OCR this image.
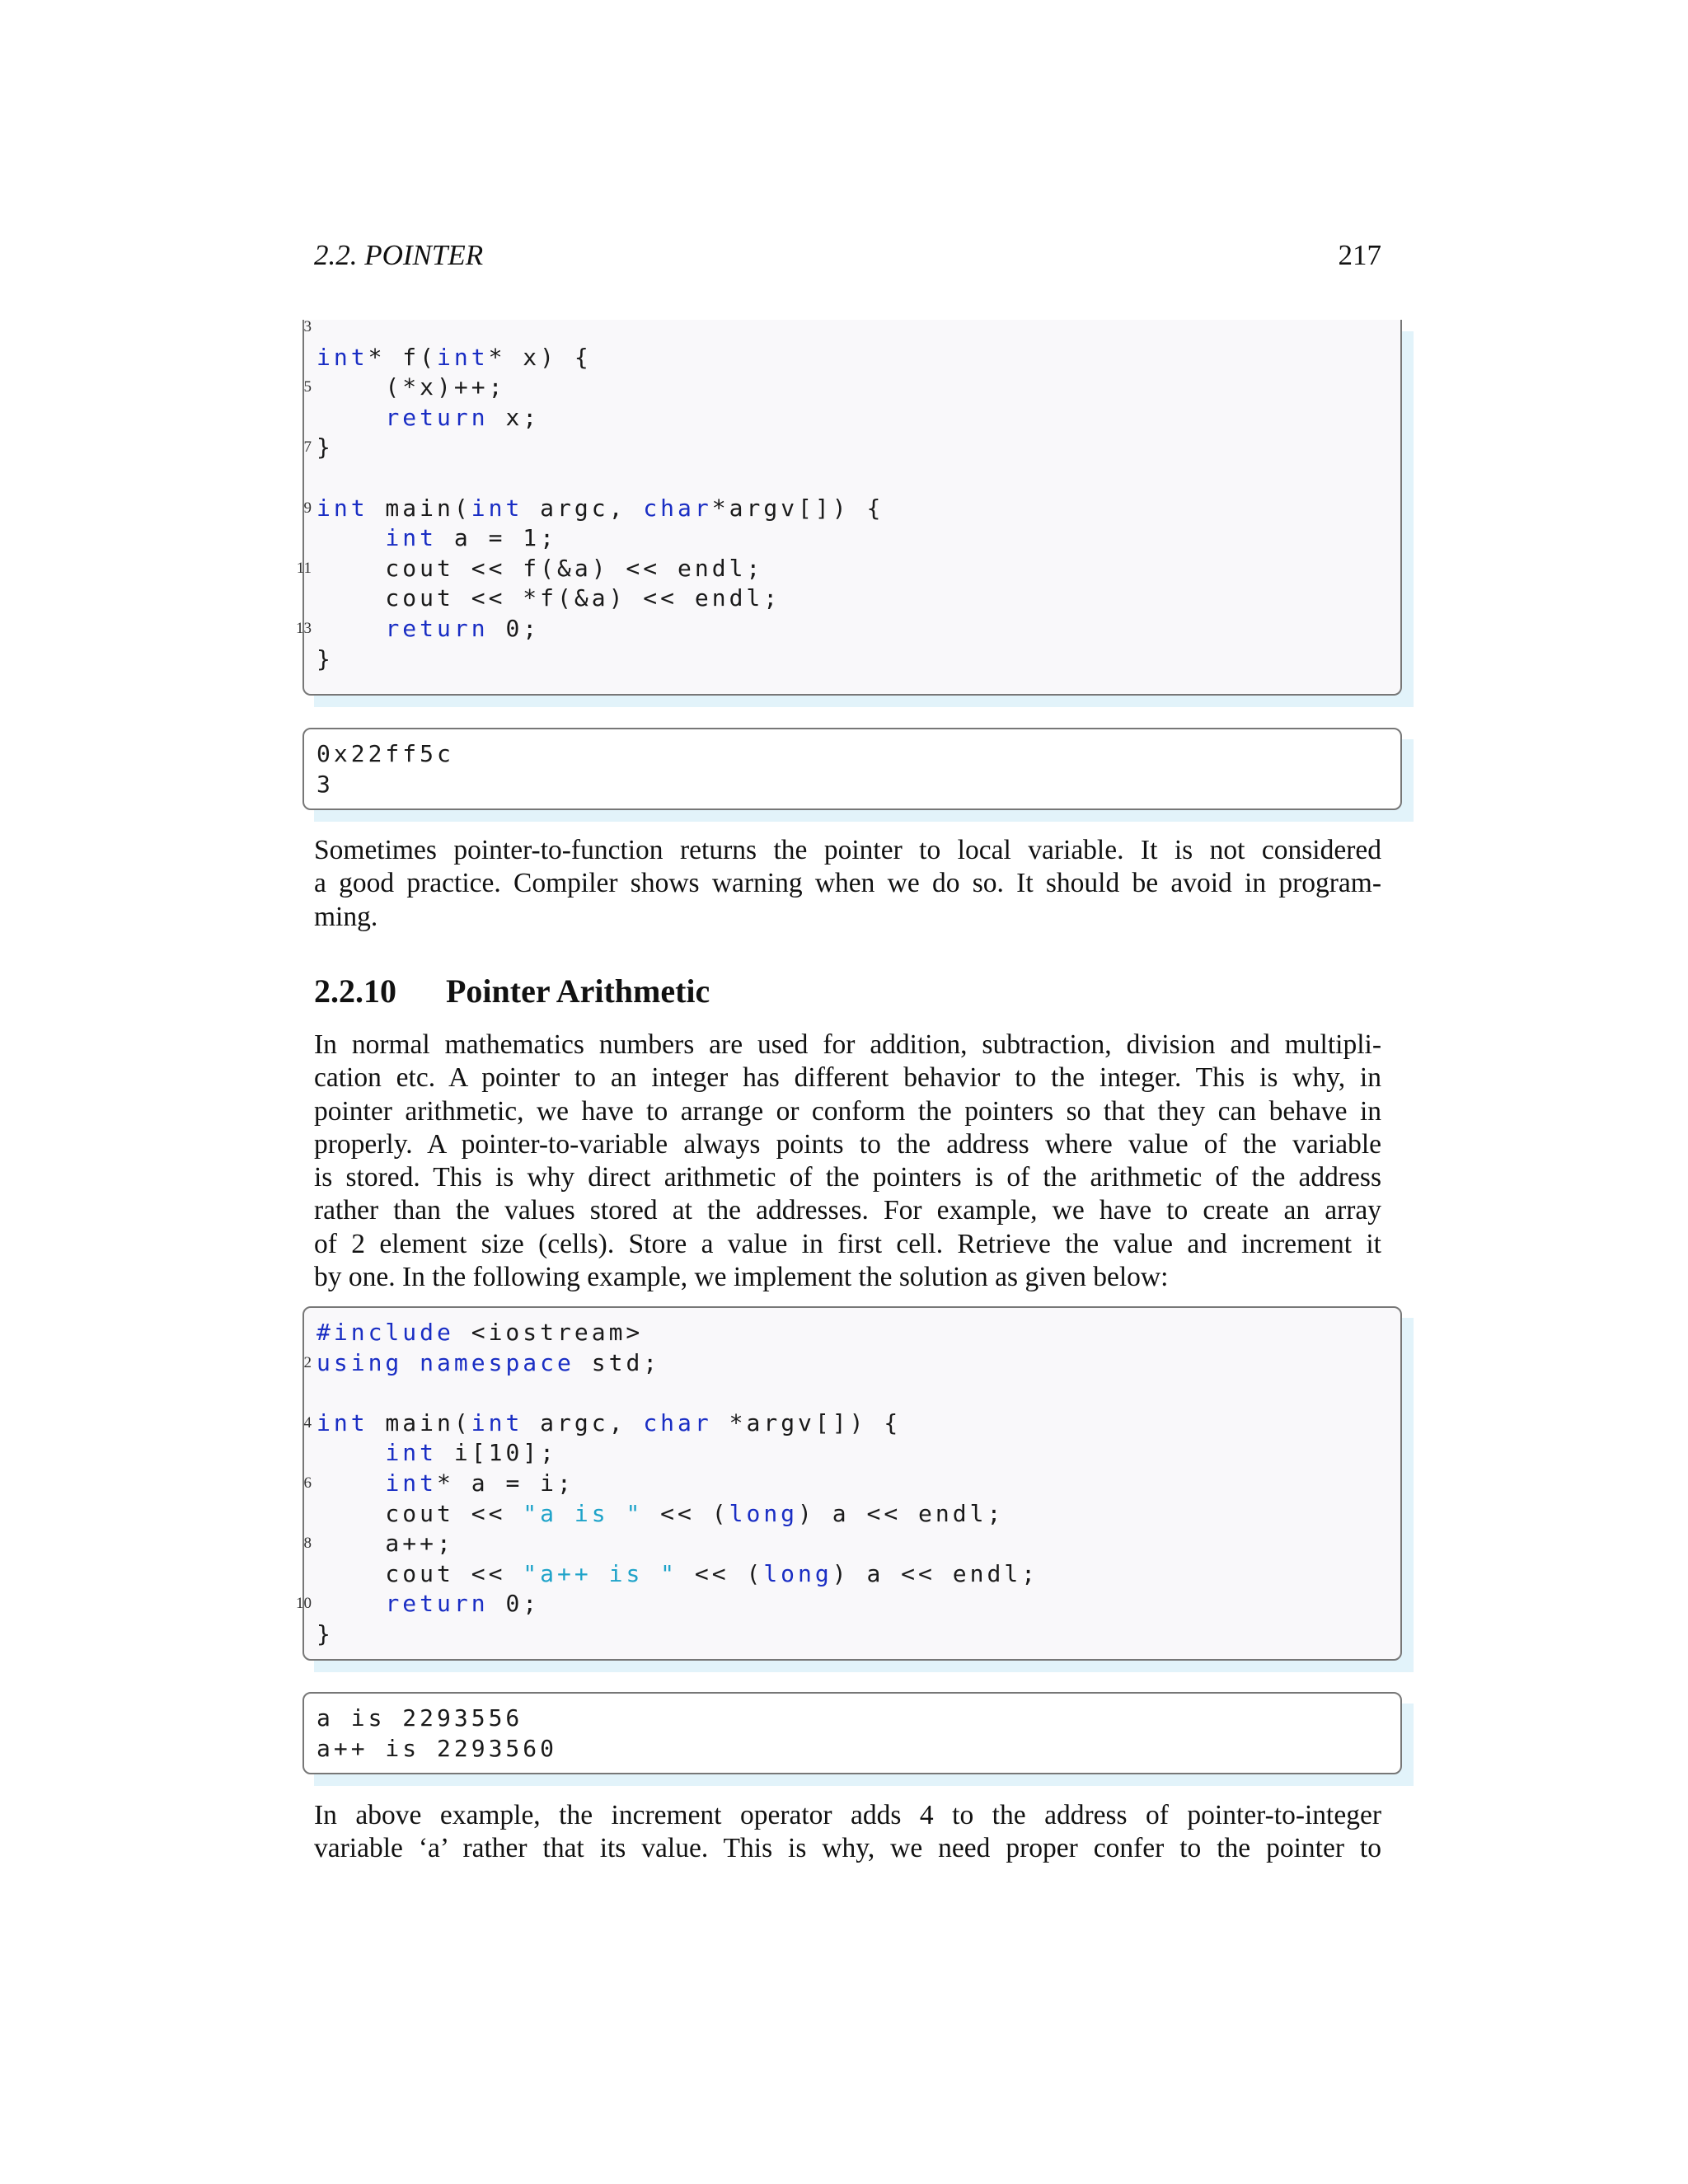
2.2. POINTER	217
3
int* f(int* x) {
5 (*x)++;
return x;
7 }
9 int main(int argc, char*argv[]) {
int a = 1;
11 cout << f(&a) << endl;
cout << *f(&a) << endl;
13	return 0;
}
0x22ff5c
3
Sometimes pointer-to-function returns the pointer to local variable. It is not considered
a good practice. Compiler shows warning when we do so. It should be avoid in program-
ming.
2.2.10 Pointer Arithmetic
In normal mathematics numbers are used for addition, subtraction, division and multipli-
cation etc. A pointer to an integer has different behavior to the integer. This is why, in
pointer arithmetic, we have to arrange or conform the pointers so that they can behave in
properly. A pointer-to-variable always points to the address where value of the variable
is stored. This is why direct arithmetic of the pointers is of the arithmetic of the address
rather than the values stored at the addresses. For example, we have to create an array
of 2 element size (cells). Store a value in first cell. Retrieve the value and increment it
by one. In the following example, we implement the solution as given below:
#include <iostream>
2 using namespace std;
4 int main(int argc, char *argv[]) {
int i[10];
6	int* a = i;
cout << "a is " << (long) a << endl;
8 a++;
cout << "a++ is " << (long) a << endl;
10	return 0;
}
a is 2293556
a++ is 2293560
In above example, the increment operator adds 4 to the address of pointer-to-integer
variable ‘a’ rather that its value. This is why, we need proper confer to the pointer to
